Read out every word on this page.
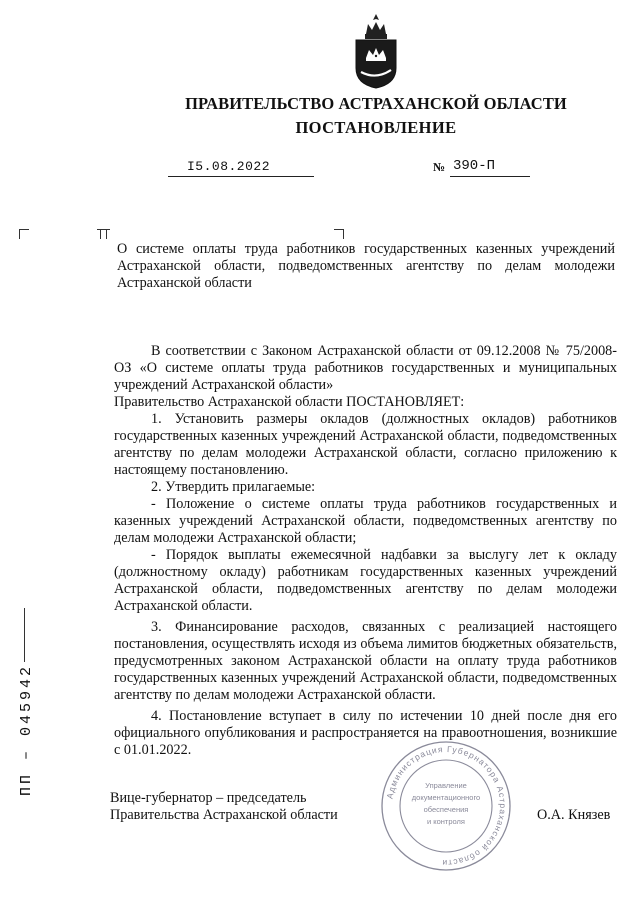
ПРАВИТЕЛЬСТВО АСТРАХАНСКОЙ ОБЛАСТИ
ПОСТАНОВЛЕНИЕ
I5.08.2022	№ 390-П
О системе оплаты труда работников государственных казенных учреждений Астраханской области, подведомственных агентству по делам молодежи Астраханской области

В соответствии с Законом Астраханской области от 09.12.2008 № 75/2008-ОЗ «О системе оплаты труда работников государственных и муниципальных учреждений Астраханской области»

Правительство Астраханской области ПОСТАНОВЛЯЕТ:

1. Установить размеры окладов (должностных окладов) работников государственных казенных учреждений Астраханской области, подведомственных агентству по делам молодежи Астраханской области, согласно приложению к настоящему постановлению.

2. Утвердить прилагаемые:

- Положение о системе оплаты труда работников государственных и казенных учреждений Астраханской области, подведомственных агентству по делам молодежи Астраханской области;

- Порядок выплаты ежемесячной надбавки за выслугу лет к окладу (должностному окладу) работникам государственных казенных учреждений Астраханской области, подведомственных агентству по делам молодежи Астраханской области.

3. Финансирование расходов, связанных с реализацией настоящего постановления, осуществлять исходя из объема лимитов бюджетных обязательств, предусмотренных законом Астраханской области на оплату труда работников государственных казенных учреждений Астраханской области, подведомственных агентству по делам молодежи Астраханской области.

4. Постановление вступает в силу по истечении 10 дней после дня его официального опубликования и распространяется на правоотношения, возникшие с 01.01.2022.

ПП – 045942
Вице-губернатор – председатель
Правительства Астраханской области
Администрация Губернатора Астраханской области
Управление
документационного
обеспечения
и контроля	О.А. Князев
